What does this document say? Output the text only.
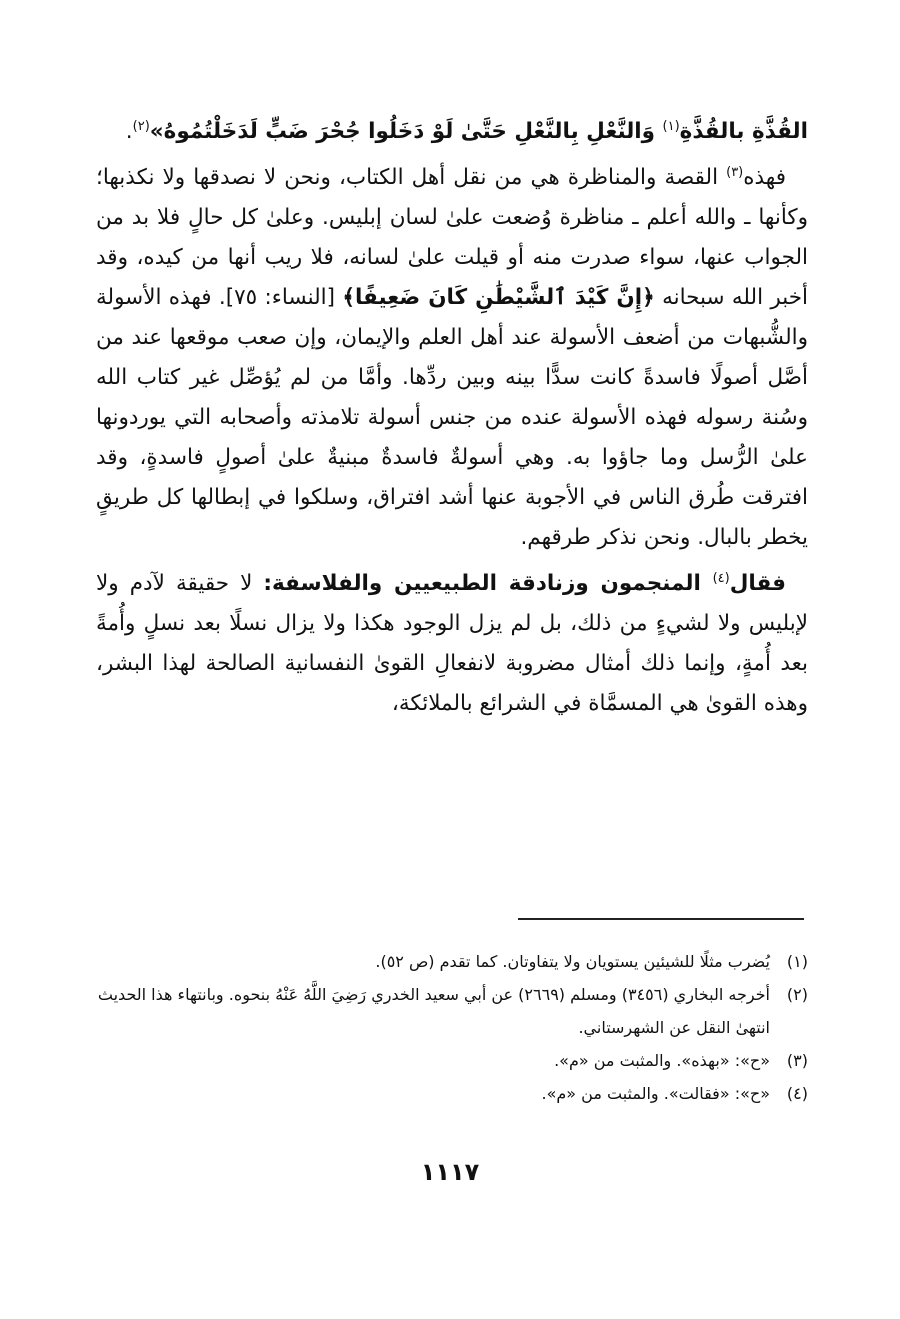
القُذَّةِ بالقُذَّةِ$^{(١)}$ وَالنَّعْلِ بِالنَّعْلِ حَتَّىٰ لَوْ دَخَلُوا جُحْرَ ضَبٍّ لَدَخَلْتُمُوهُ»$^{(٢)}$.

فهذه$^{(٣)}$ القصة والمناظرة هي من نقل أهل الكتاب، ونحن لا نصدقها ولا نكذبها؛ وكأنها ـ والله أعلم ـ مناظرة وُضعت علىٰ لسان إبليس. وعلىٰ كل حالٍ فلا بد من الجواب عنها، سواء صدرت منه أو قيلت علىٰ لسانه، فلا ريب أنها من كيده، وقد أخبر الله سبحانه ﴿إِنَّ كَيْدَ ٱلشَّيْطَٰنِ كَانَ ضَعِيفًا﴾ [النساء: ٧٥]. فهذه الأسولة والشُّبهات من أضعف الأسولة عند أهل العلم والإيمان، وإن صعب موقعها عند من أصَّل أصولًا فاسدةً كانت سدًّا بينه وبين ردِّها. وأمَّا من لم يُؤصِّل غير كتاب الله وسُنة رسوله فهذه الأسولة عنده من جنس أسولة تلامذته وأصحابه التي يوردونها علىٰ الرُّسل وما جاؤوا به. وهي أسولةٌ فاسدةٌ مبنيةٌ علىٰ أصولٍ فاسدةٍ، وقد افترقت طُرق الناس في الأجوبة عنها أشد افتراق، وسلكوا في إبطالها كل طريقٍ يخطر بالبال. ونحن نذكر طرقهم.

فقال$^{(٤)}$ المنجمون وزنادقة الطبيعيين والفلاسفة: لا حقيقة لآدم ولا لإبليس ولا لشيءٍ من ذلك، بل لم يزل الوجود هكذا ولا يزال نسلًا بعد نسلٍ وأُمةً بعد أُمةٍ، وإنما ذلك أمثال مضروبة لانفعالِ القوىٰ النفسانية الصالحة لهذا البشر، وهذه القوىٰ هي المسمَّاة في الشرائع بالملائكة،

(١)
يُضرب مثلًا للشيئين يستويان ولا يتفاوتان. كما تقدم (ص ٥٢).

(٢)
أخرجه البخاري (٣٤٥٦) ومسلم (٢٦٦٩) عن أبي سعيد الخدري رَضِيَ اللَّهُ عَنْهُ بنحوه. وبانتهاء هذا الحديث انتهىٰ النقل عن الشهرستاني.

(٣)
«ح»: «بهذه». والمثبت من «م».

(٤)
«ح»: «فقالت». والمثبت من «م».

١١١٧
